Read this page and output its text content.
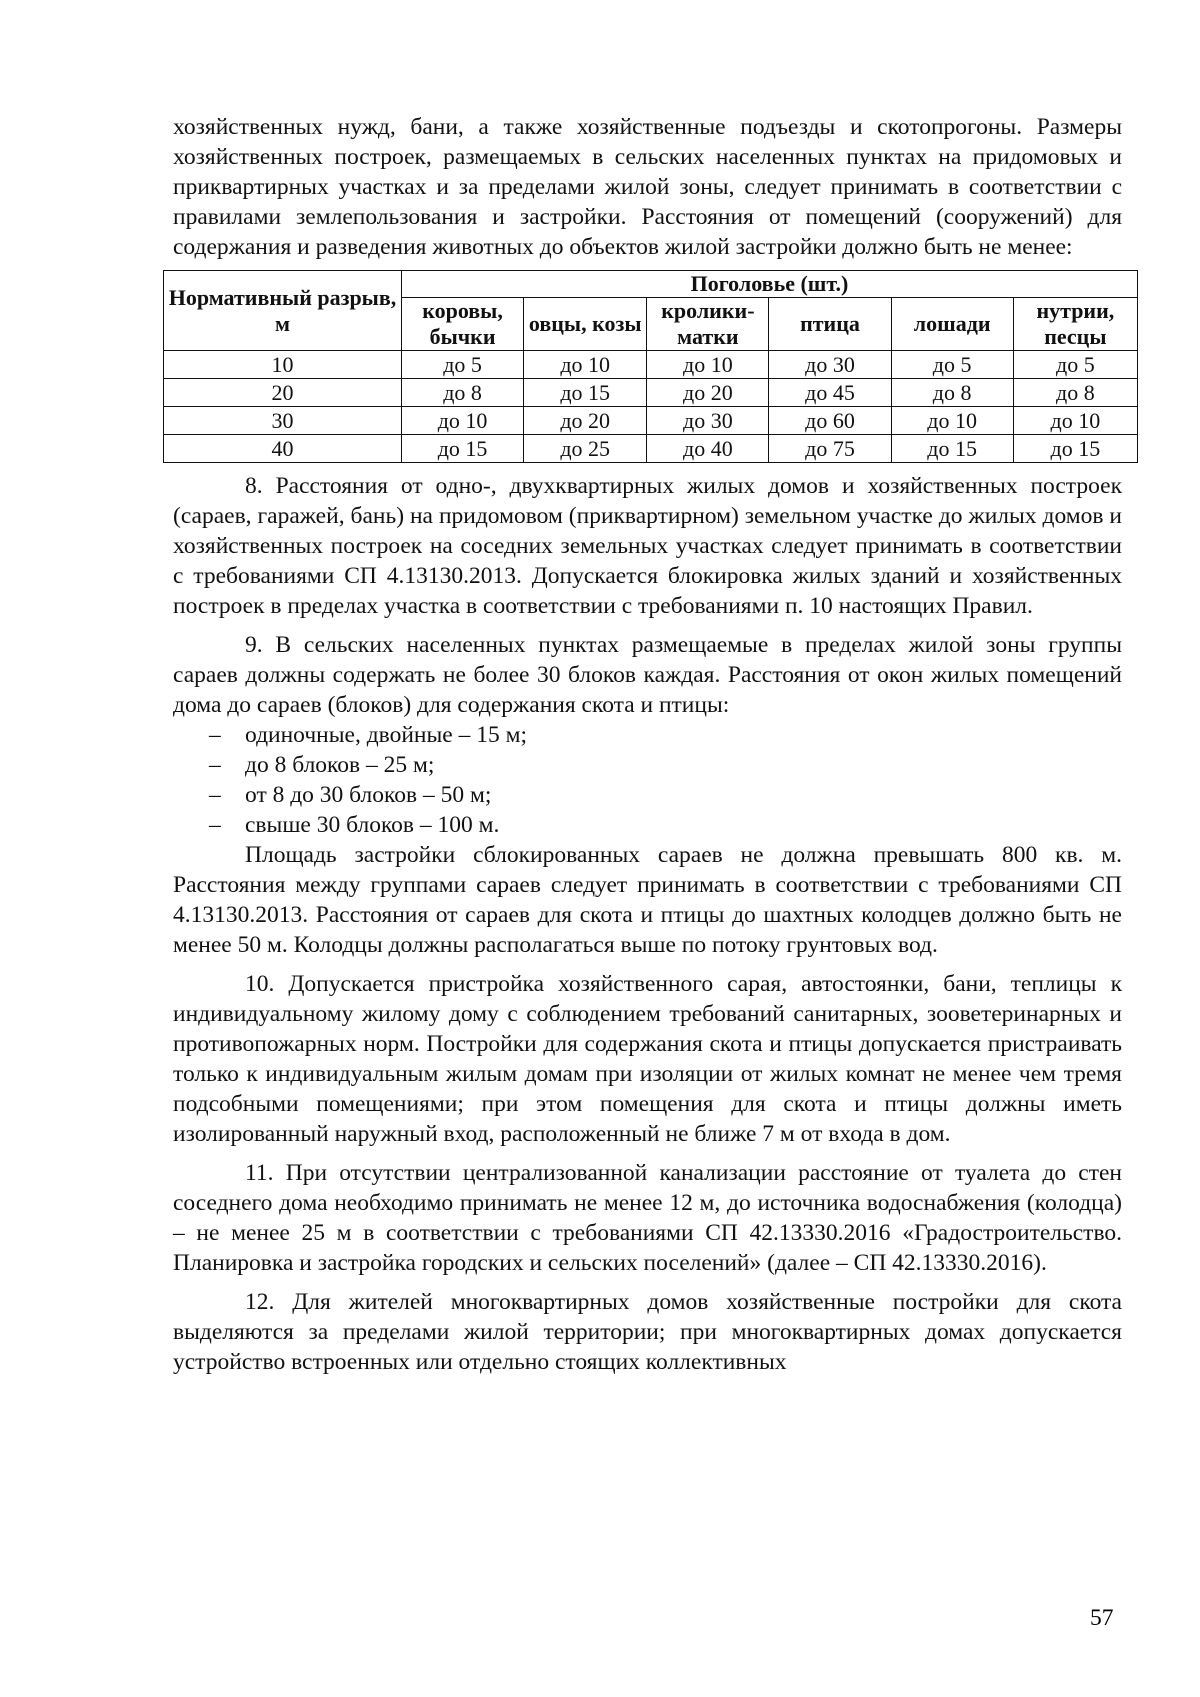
хозяйственных нужд, бани, а также хозяйственные подъезды и скотопрогоны. Размеры хозяйственных построек, размещаемых в сельских населенных пунктах на придомовых и приквартирных участках и за пределами жилой зоны, следует принимать в соответствии с правилами землепользования и застройки. Расстояния от помещений (сооружений) для содержания и разведения животных до объектов жилой застройки должно быть не менее:

Нормативный разрыв, м	Поголовье (шт.)					
	коровы, бычки	овцы, козы	кролики-матки	птица	лошади	нутрии, песцы
10	до 5	до 10	до 10	до 30	до 5	до 5
20	до 8	до 15	до 20	до 45	до 8	до 8
30	до 10	до 20	до 30	до 60	до 10	до 10
40	до 15	до 25	до 40	до 75	до 15	до 15

8. Расстояния от одно-, двухквартирных жилых домов и хозяйственных построек (сараев, гаражей, бань) на придомовом (приквартирном) земельном участке до жилых домов и хозяйственных построек на соседних земельных участках следует принимать в соответствии с требованиями СП 4.13130.2013. Допускается блокировка жилых зданий и хозяйственных построек в пределах участка в соответствии с требованиями п. 10 настоящих Правил.

9. В сельских населенных пунктах размещаемые в пределах жилой зоны группы сараев должны содержать не более 30 блоков каждая. Расстояния от окон жилых помещений дома до сараев (блоков) для содержания скота и птицы:

– одиночные, двойные – 15 м;
– до 8 блоков – 25 м;
– от 8 до 30 блоков – 50 м;
– свыше 30 блоков – 100 м.

Площадь застройки сблокированных сараев не должна превышать 800 кв. м. Расстояния между группами сараев следует принимать в соответствии с требованиями СП 4.13130.2013. Расстояния от сараев для скота и птицы до шахтных колодцев должно быть не менее 50 м. Колодцы должны располагаться выше по потоку грунтовых вод.

10. Допускается пристройка хозяйственного сарая, автостоянки, бани, теплицы к индивидуальному жилому дому с соблюдением требований санитарных, зооветеринарных и противопожарных норм. Постройки для содержания скота и птицы допускается пристраивать только к индивидуальным жилым домам при изоляции от жилых комнат не менее чем тремя подсобными помещениями; при этом помещения для скота и птицы должны иметь изолированный наружный вход, расположенный не ближе 7 м от входа в дом.

11. При отсутствии централизованной канализации расстояние от туалета до стен соседнего дома необходимо принимать не менее 12 м, до источника водоснабжения (колодца) – не менее 25 м в соответствии с требованиями СП 42.13330.2016 «Градостроительство. Планировка и застройка городских и сельских поселений» (далее – СП 42.13330.2016).

12. Для жителей многоквартирных домов хозяйственные постройки для скота выделяются за пределами жилой территории; при многоквартирных домах допускается устройство встроенных или отдельно стоящих коллективных

57
